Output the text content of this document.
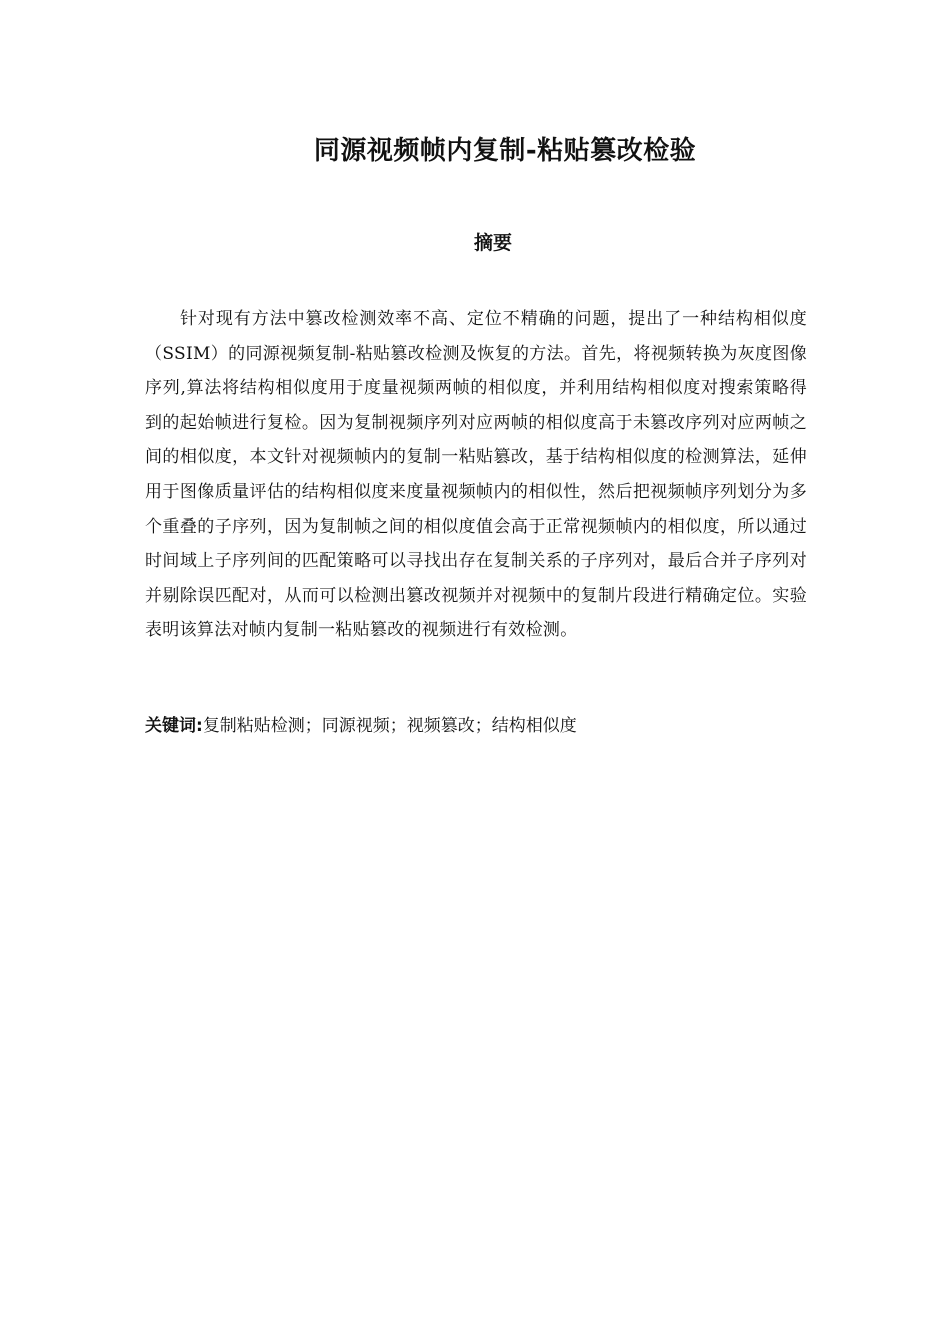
同源视频帧内复制-粘贴篡改检验
摘要

针对现有方法中篡改检测效率不高、定位不精确的问题，提出了一种结构相似度（SSIM）的同源视频复制-粘贴篡改检测及恢复的方法。首先，将视频转换为灰度图像序列,算法将结构相似度用于度量视频两帧的相似度，并利用结构相似度对搜索策略得到的起始帧进行复检。因为复制视频序列对应两帧的相似度高于未篡改序列对应两帧之间的相似度，本文针对视频帧内的复制一粘贴篡改，基于结构相似度的检测算法，延伸用于图像质量评估的结构相似度来度量视频帧内的相似性，然后把视频帧序列划分为多个重叠的子序列，因为复制帧之间的相似度值会高于正常视频帧内的相似度，所以通过时间域上子序列间的匹配策略可以寻找出存在复制关系的子序列对，最后合并子序列对并剔除误匹配对，从而可以检测出篡改视频并对视频中的复制片段进行精确定位。实验表明该算法对帧内复制一粘贴篡改的视频进行有效检测。

关键词:复制粘贴检测；同源视频；视频篡改；结构相似度
